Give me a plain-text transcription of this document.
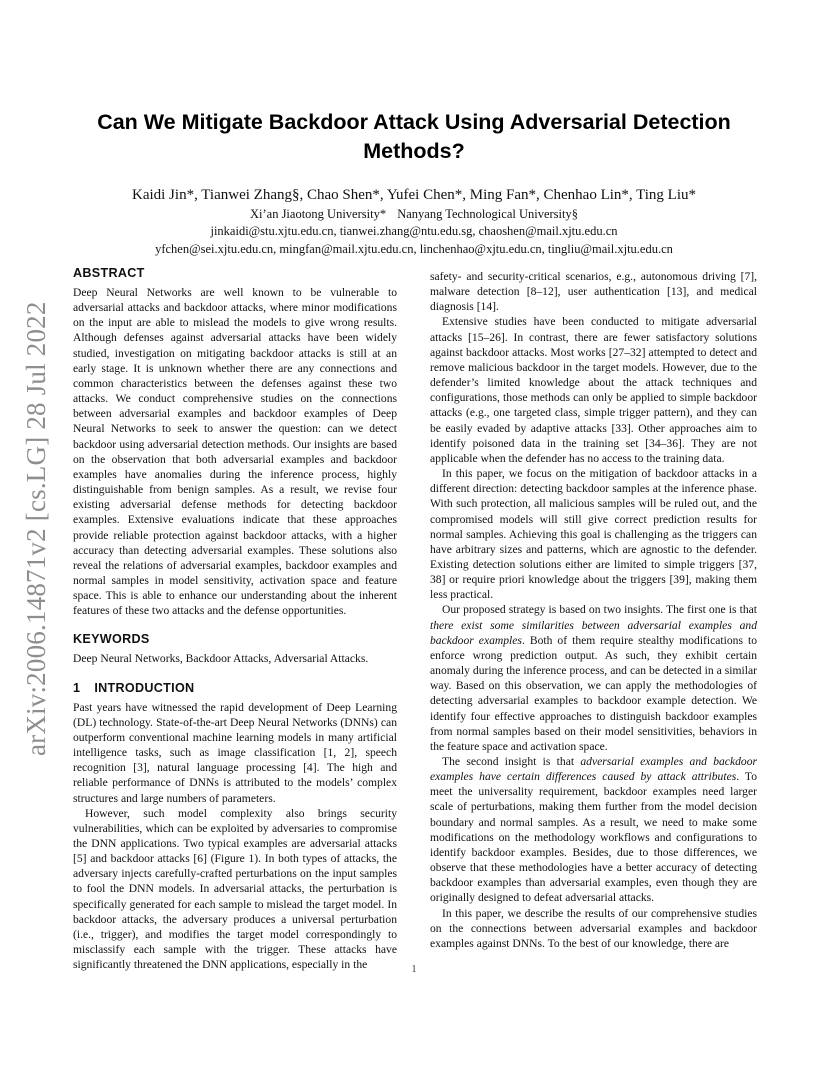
arXiv:2006.14871v2 [cs.LG] 28 Jul 2022
Can We Mitigate Backdoor Attack Using Adversarial Detection Methods?
Kaidi Jin*, Tianwei Zhang§, Chao Shen*, Yufei Chen*, Ming Fan*, Chenhao Lin*, Ting Liu*
Xi’an Jiaotong University* Nanyang Technological University§
jinkaidi@stu.xjtu.edu.cn, tianwei.zhang@ntu.edu.sg, chaoshen@mail.xjtu.edu.cn
yfchen@sei.xjtu.edu.cn, mingfan@mail.xjtu.edu.cn, linchenhao@xjtu.edu.cn, tingliu@mail.xjtu.edu.cn
ABSTRACT

Deep Neural Networks are well known to be vulnerable to adversarial attacks and backdoor attacks, where minor modifications on the input are able to mislead the models to give wrong results. Although defenses against adversarial attacks have been widely studied, investigation on mitigating backdoor attacks is still at an early stage. It is unknown whether there are any connections and common characteristics between the defenses against these two attacks. We conduct comprehensive studies on the connections between adversarial examples and backdoor examples of Deep Neural Networks to seek to answer the question: can we detect backdoor using adversarial detection methods. Our insights are based on the observation that both adversarial examples and backdoor examples have anomalies during the inference process, highly distinguishable from benign samples. As a result, we revise four existing adversarial defense methods for detecting backdoor examples. Extensive evaluations indicate that these approaches provide reliable protection against backdoor attacks, with a higher accuracy than detecting adversarial examples. These solutions also reveal the relations of adversarial examples, backdoor examples and normal samples in model sensitivity, activation space and feature space. This is able to enhance our understanding about the inherent features of these two attacks and the defense opportunities.

KEYWORDS

Deep Neural Networks, Backdoor Attacks, Adversarial Attacks.

1 INTRODUCTION

Past years have witnessed the rapid development of Deep Learning (DL) technology. State-of-the-art Deep Neural Networks (DNNs) can outperform conventional machine learning models in many artificial intelligence tasks, such as image classification [1, 2], speech recognition [3], natural language processing [4]. The high and reliable performance of DNNs is attributed to the models’ complex structures and large numbers of parameters.

However, such model complexity also brings security vulnerabilities, which can be exploited by adversaries to compromise the DNN applications. Two typical examples are adversarial attacks [5] and backdoor attacks [6] (Figure 1). In both types of attacks, the adversary injects carefully-crafted perturbations on the input samples to fool the DNN models. In adversarial attacks, the perturbation is specifically generated for each sample to mislead the target model. In backdoor attacks, the adversary produces a universal perturbation (i.e., trigger), and modifies the target model correspondingly to misclassify each sample with the trigger. These attacks have significantly threatened the DNN applications, especially in the

safety- and security-critical scenarios, e.g., autonomous driving [7], malware detection [8–12], user authentication [13], and medical diagnosis [14].

Extensive studies have been conducted to mitigate adversarial attacks [15–26]. In contrast, there are fewer satisfactory solutions against backdoor attacks. Most works [27–32] attempted to detect and remove malicious backdoor in the target models. However, due to the defender’s limited knowledge about the attack techniques and configurations, those methods can only be applied to simple backdoor attacks (e.g., one targeted class, simple trigger pattern), and they can be easily evaded by adaptive attacks [33]. Other approaches aim to identify poisoned data in the training set [34–36]. They are not applicable when the defender has no access to the training data.

In this paper, we focus on the mitigation of backdoor attacks in a different direction: detecting backdoor samples at the inference phase. With such protection, all malicious samples will be ruled out, and the compromised models will still give correct prediction results for normal samples. Achieving this goal is challenging as the triggers can have arbitrary sizes and patterns, which are agnostic to the defender. Existing detection solutions either are limited to simple triggers [37, 38] or require priori knowledge about the triggers [39], making them less practical.

Our proposed strategy is based on two insights. The first one is that there exist some similarities between adversarial examples and backdoor examples. Both of them require stealthy modifications to enforce wrong prediction output. As such, they exhibit certain anomaly during the inference process, and can be detected in a similar way. Based on this observation, we can apply the methodologies of detecting adversarial examples to backdoor example detection. We identify four effective approaches to distinguish backdoor examples from normal samples based on their model sensitivities, behaviors in the feature space and activation space.

The second insight is that adversarial examples and backdoor examples have certain differences caused by attack attributes. To meet the universality requirement, backdoor examples need larger scale of perturbations, making them further from the model decision boundary and normal samples. As a result, we need to make some modifications on the methodology workflows and configurations to identify backdoor examples. Besides, due to those differences, we observe that these methodologies have a better accuracy of detecting backdoor examples than adversarial examples, even though they are originally designed to defeat adversarial attacks.

In this paper, we describe the results of our comprehensive studies on the connections between adversarial examples and backdoor examples against DNNs. To the best of our knowledge, there are

1
